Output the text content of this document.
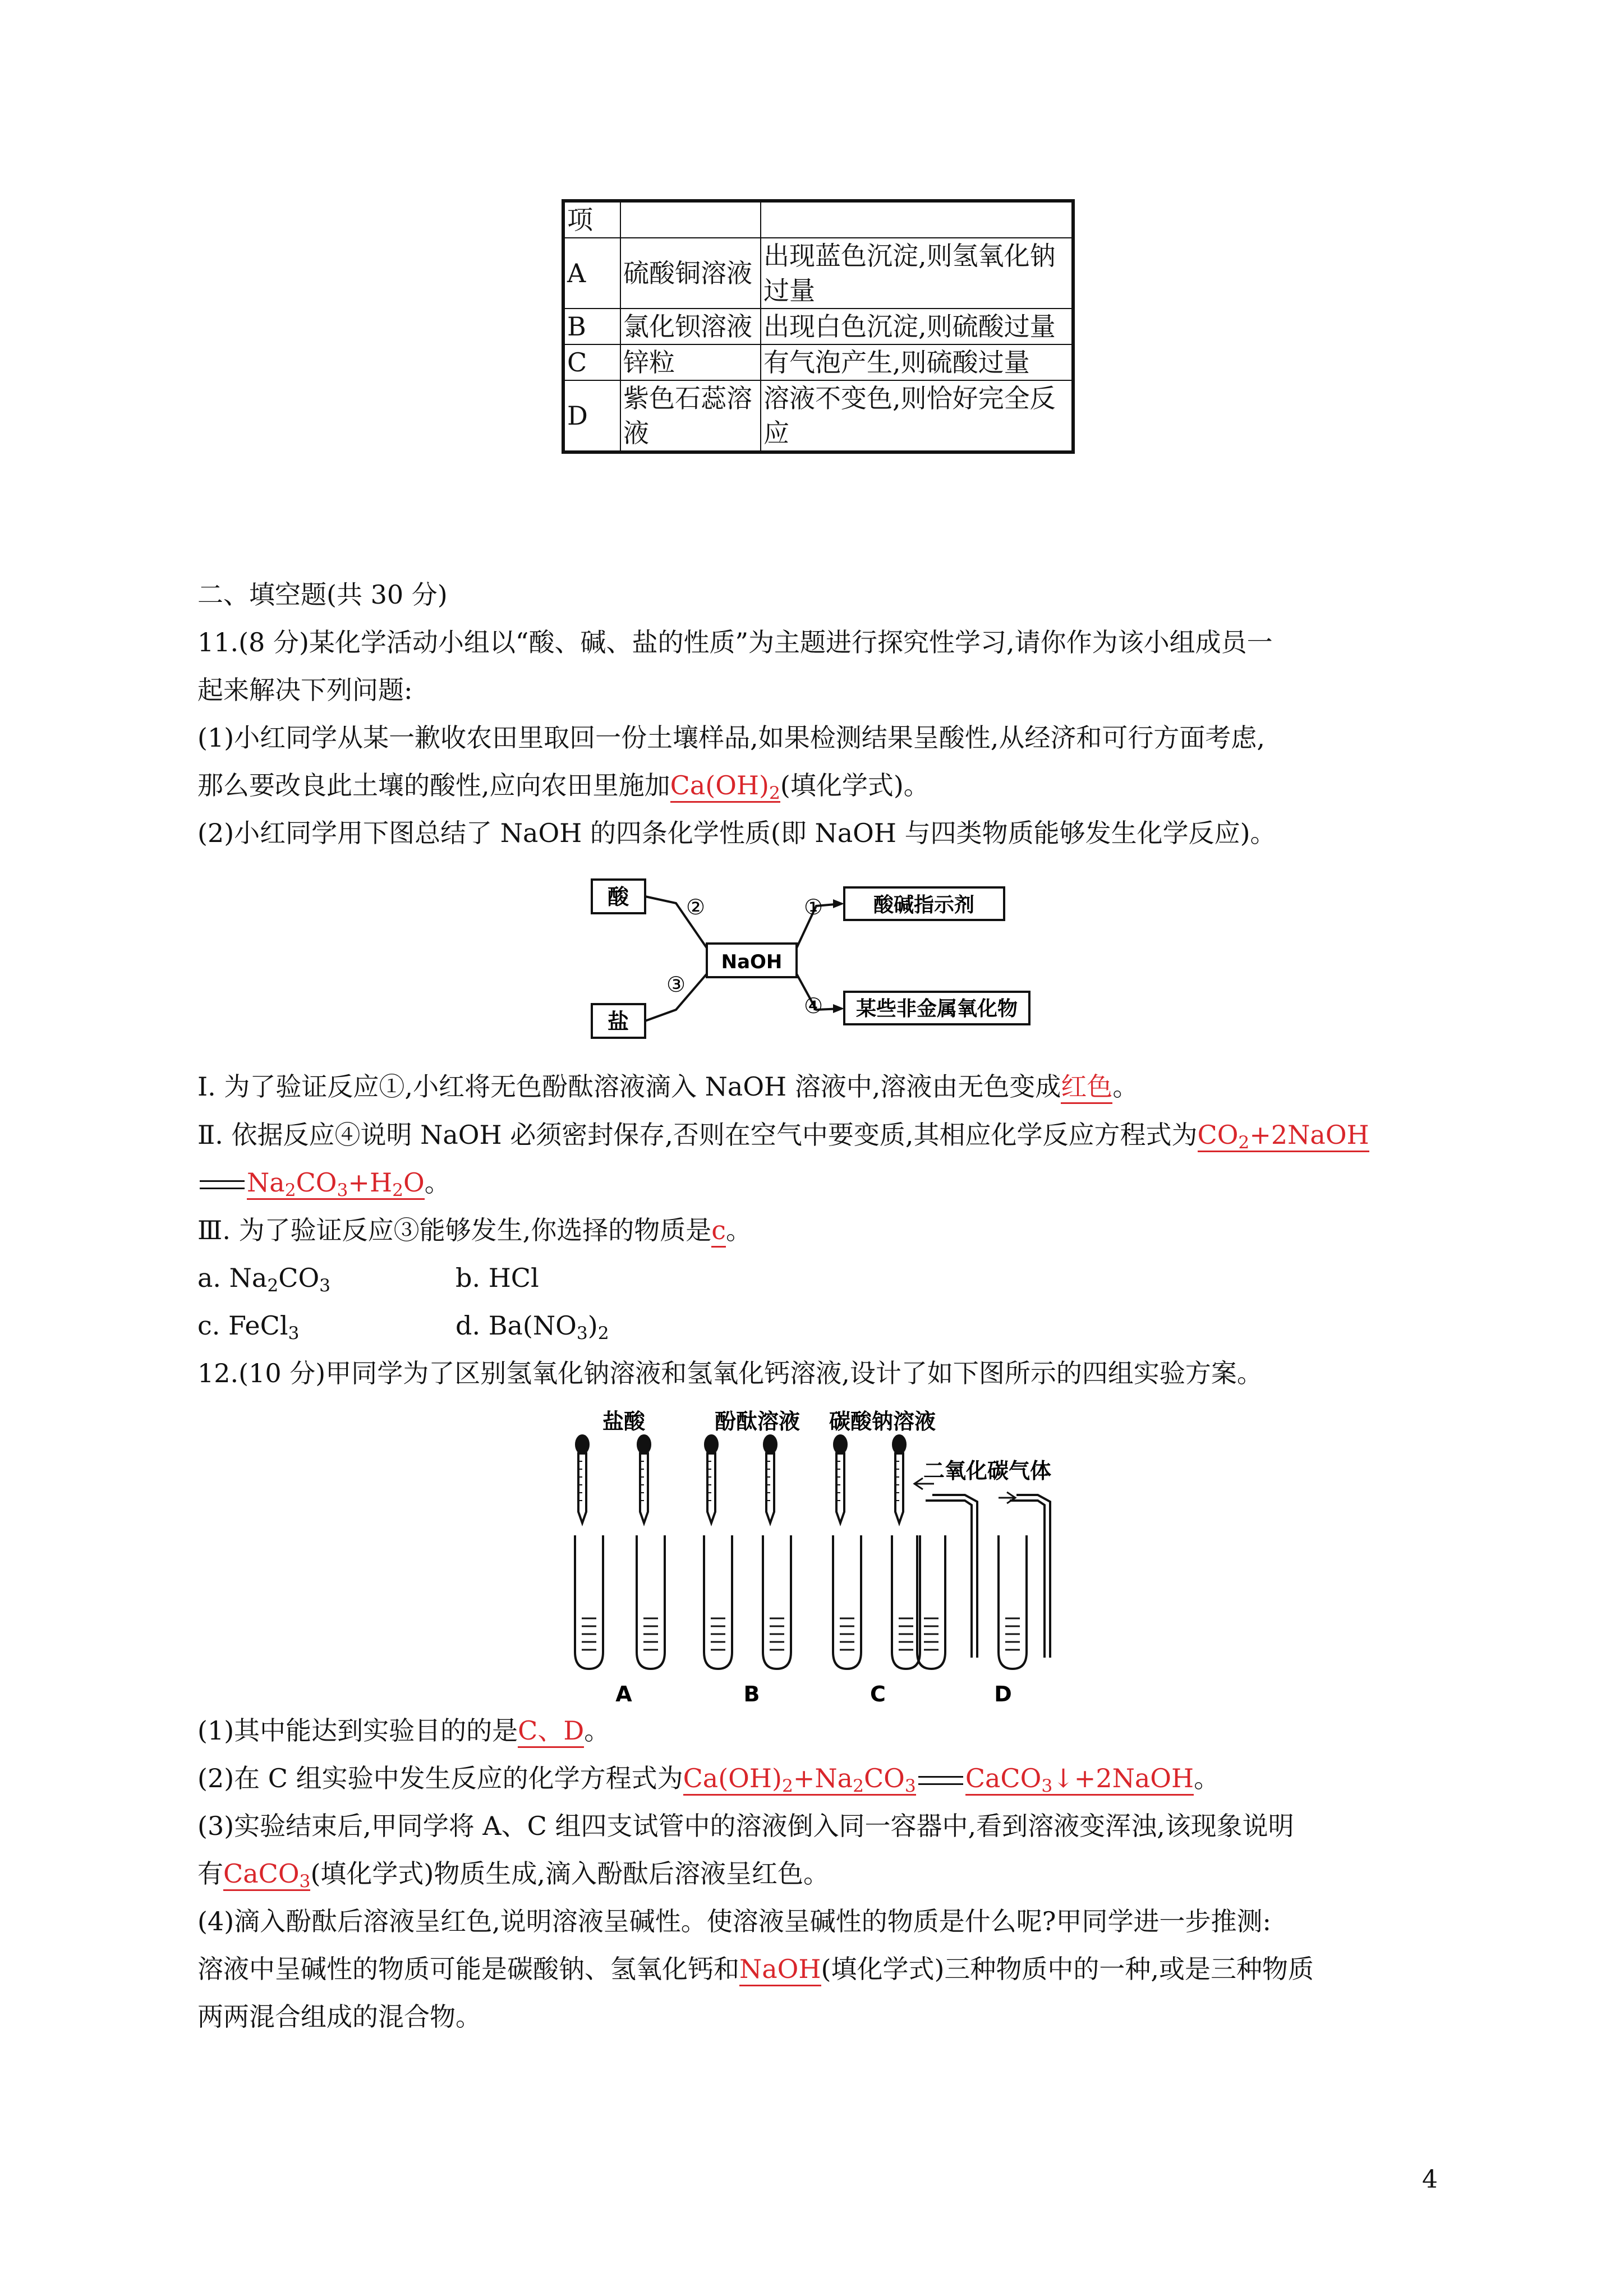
项		
A	硫酸铜溶液	出现蓝色沉淀,则氢氧化钠过量
B	氯化钡溶液	出现白色沉淀,则硫酸过量
C	锌粒	有气泡产生,则硫酸过量
D	紫色石蕊溶液	溶液不变色,则恰好完全反应
二、填空题(共 30 分)
11.(8 分)某化学活动小组以“酸、碱、盐的性质”为主题进行探究性学习,请你作为该小组成员一
起来解决下列问题:
(1)小红同学从某一歉收农田里取回一份土壤样品,如果检测结果呈酸性,从经济和可行方面考虑,
那么要改良此土壤的酸性,应向农田里施加$Ca(OH)_2$(填化学式)。
(2)小红同学用下图总结了 NaOH 的四条化学性质(即 NaOH 与四类物质能够发生化学反应)。
酸
盐
NaOH
酸碱指示剂
某些非金属氧化物
②	①
③
④
Ⅰ. 为了验证反应①,小红将无色酚酞溶液滴入 NaOH 溶液中,溶液由无色变成红色。
Ⅱ. 依据反应④说明 NaOH 必须密封保存,否则在空气中要变质,其相应化学反应方程式为$CO_2+2NaOH$
$Na_2CO_3+H_2O$。
Ⅲ. 为了验证反应③能够发生,你选择的物质是c。
a. $Na_2CO_3$	b. HCl
c. FeCl$_3$	d. $Ba(NO_3)_2$
12.(10 分)甲同学为了区别氢氧化钠溶液和氢氧化钙溶液,设计了如下图所示的四组实验方案。
盐酸	酚酞溶液 碳酸钠溶液
二氧化碳气体
A	B	C	D
(1)其中能达到实验目的的是C、D。
(2)在 C 组实验中发生反应的化学方程式为$Ca(OH)_2+Na_2CO_3$ CaCO$_3$↓+2NaOH。
(3)实验结束后,甲同学将 A、C 组四支试管中的溶液倒入同一容器中,看到溶液变浑浊,该现象说明
有CaCO$_3$(填化学式)物质生成,滴入酚酞后溶液呈红色。
(4)滴入酚酞后溶液呈红色,说明溶液呈碱性。使溶液呈碱性的物质是什么呢?甲同学进一步推测:
溶液中呈碱性的物质可能是碳酸钠、氢氧化钙和NaOH(填化学式)三种物质中的一种,或是三种物质
两两混合组成的混合物。
4
